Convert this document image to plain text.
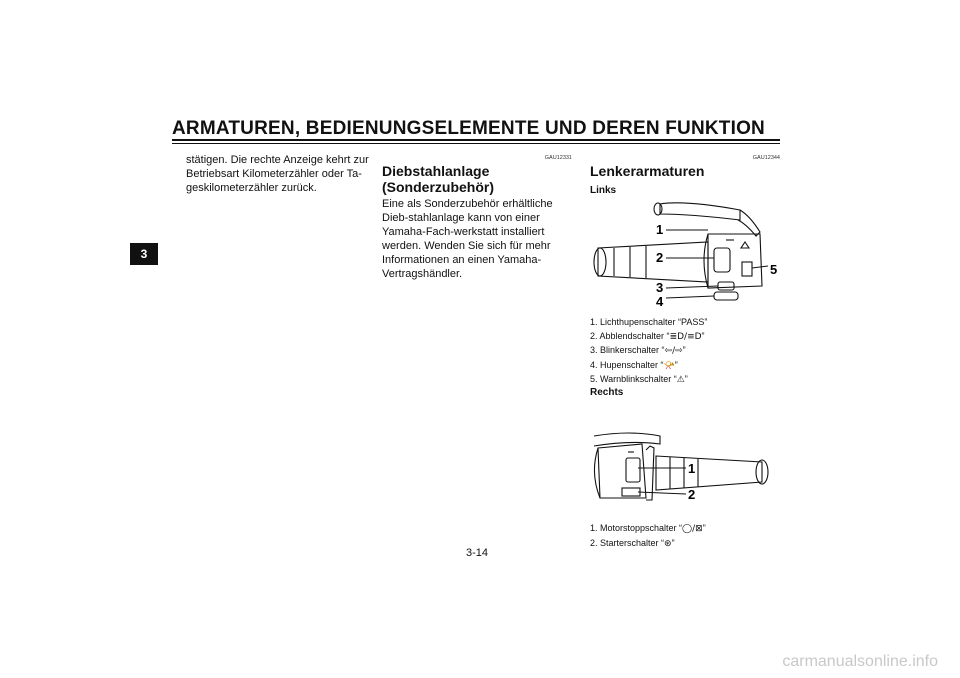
ARMATUREN, BEDIENUNGSELEMENTE UND DEREN FUNKTION
3
stätigen. Die rechte Anzeige kehrt zur Betriebsart Kilometerzähler oder Ta-geskilometerzähler zurück.
GAU12331
Diebstahlanlage (Sonderzubehör)
Eine als Sonderzubehör erhältliche Dieb-stahlanlage kann von einer Yamaha-Fach-werkstatt installiert werden. Wenden Sie sich für mehr Informationen an einen Yamaha-Vertragshändler.
GAU12344
Lenkerarmaturen
Links
1
2
3
4
5
1. Lichthupenschalter “PASS”
2. Abblendschalter “≣D/≡D”
3. Blinkerschalter “⇦/⇨”
4. Hupenschalter “📯”
5. Warnblinkschalter “⚠”
Rechts
1
2
1. Motorstoppschalter “◯/⊠”
2. Starterschalter “⊛”
3-14
carmanualsonline.info
